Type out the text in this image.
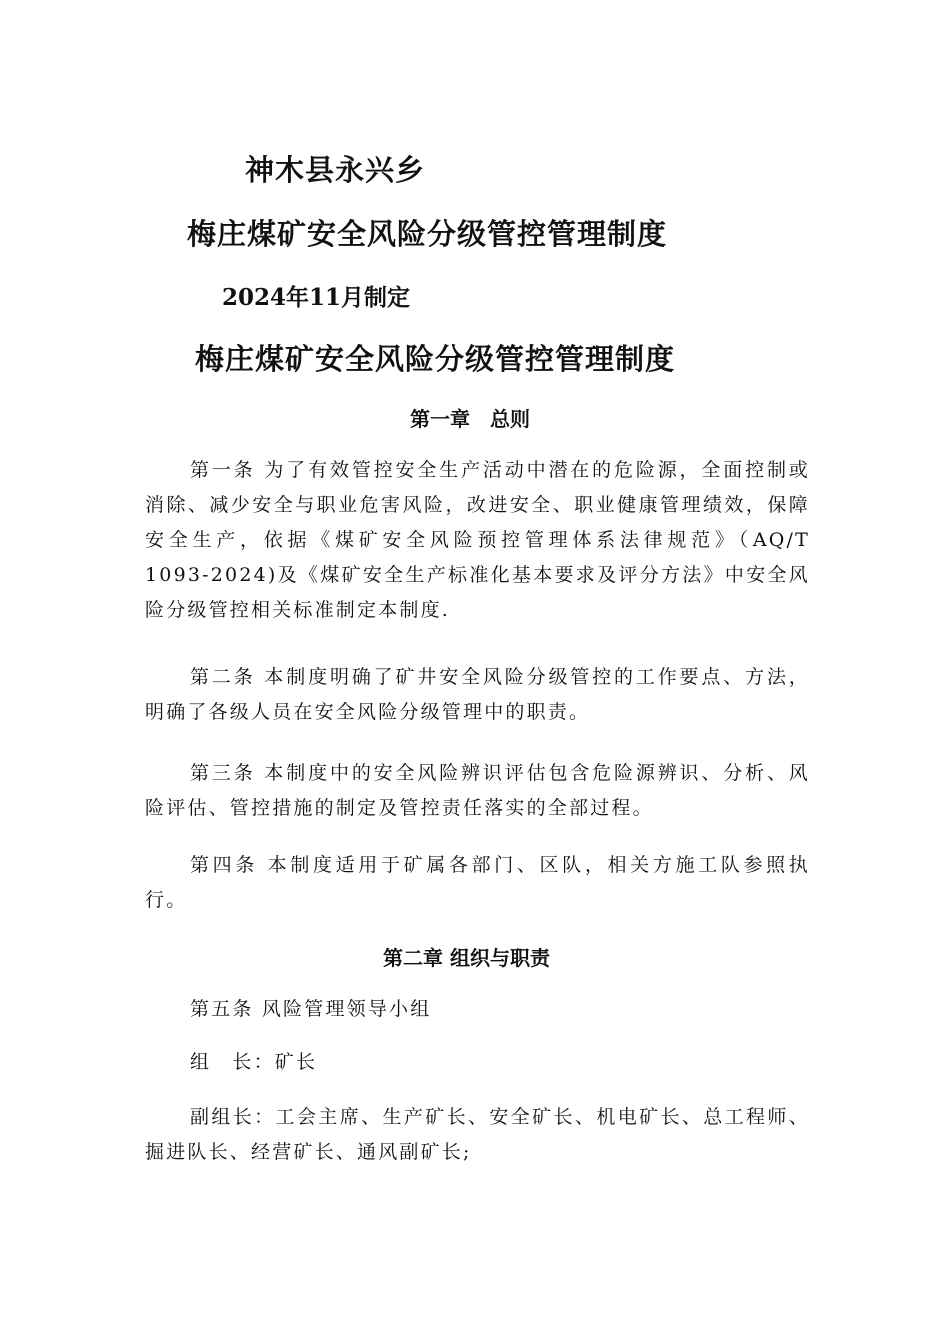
神木县永兴乡

梅庄煤矿安全风险分级管控管理制度

2024年11月制定

梅庄煤矿安全风险分级管控管理制度

第一章　总则

第一条 为了有效管控安全生产活动中潜在的危险源，全面控制或消除、减少安全与职业危害风险，改进安全、职业健康管理绩效，保障安全生产，依据《煤矿安全风险预控管理体系法律规范》（AQ/T 1093-2024)及《煤矿安全生产标准化基本要求及评分方法》中安全风险分级管控相关标准制定本制度.

第二条 本制度明确了矿井安全风险分级管控的工作要点、方法，明确了各级人员在安全风险分级管理中的职责。

第三条 本制度中的安全风险辨识评估包含危险源辨识、分析、风险评估、管控措施的制定及管控责任落实的全部过程。

第四条 本制度适用于矿属各部门、区队，相关方施工队参照执行。

第二章 组织与职责

第五条 风险管理领导小组

组　长：矿长

副组长：工会主席、生产矿长、安全矿长、机电矿长、总工程师、掘进队长、经营矿长、通风副矿长;
